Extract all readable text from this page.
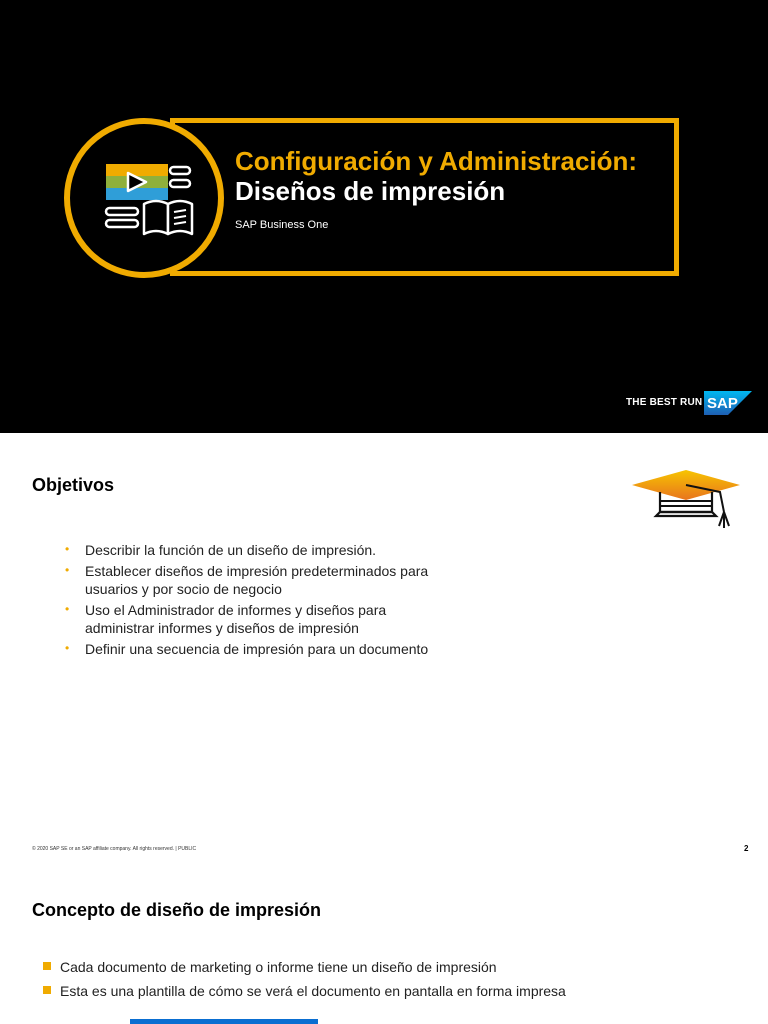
Configuración y Administración:
Diseños de impresión
SAP Business One
THE BEST RUN SAP
Objetivos
• Describir la función de un diseño de impresión.
• Establecer diseños de impresión predeterminados para usuarios y por socio de negocio
• Uso el Administrador de informes y diseños para administrar informes y diseños de impresión
• Definir una secuencia de impresión para un documento
© 2020 SAP SE or an SAP affiliate company. All rights reserved. | PUBLIC	2
Concepto de diseño de impresión
Cada documento de marketing o informe tiene un diseño de impresión
Esta es una plantilla de cómo se verá el documento en pantalla en forma impresa
